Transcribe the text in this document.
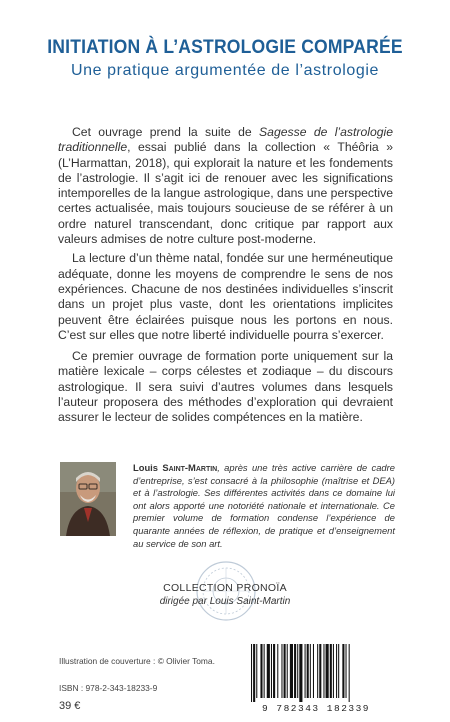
INITIATION À L’ASTROLOGIE COMPARÉE
Une pratique argumentée de l’astrologie

Cet ouvrage prend la suite de Sagesse de l’astrologie traditionnelle, essai publié dans la collection « Théôria » (L’Harmattan, 2018), qui explorait la nature et les fondements de l’astrologie. Il s’agit ici de renouer avec les significations intemporelles de la langue astrologique, dans une perspective certes actualisée, mais toujours soucieuse de se référer à un ordre naturel transcendant, donc critique par rapport aux valeurs admises de notre culture post-moderne.

La lecture d’un thème natal, fondée sur une herméneutique adéquate, donne les moyens de comprendre le sens de nos expériences. Chacune de nos destinées individuelles s’inscrit dans un projet plus vaste, dont les orientations implicites peuvent être éclairées puisque nous les portons en nous. C’est sur elles que notre liberté individuelle pourra s’exercer.

Ce premier ouvrage de formation porte uniquement sur la matière lexicale – corps célestes et zodiaque – du discours astrologique. Il sera suivi d’autres volumes dans lesquels l’auteur proposera des méthodes d’exploration qui devraient assurer le lecteur de solides compétences en la matière.

Louis Saint-Martin, après une très active carrière de cadre d’entreprise, s’est consacré à la philosophie (maîtrise et DEA) et à l’astrologie. Ses différentes activités dans ce domaine lui ont alors apporté une notoriété nationale et internationale. Ce premier volume de formation condense l’expérience de quarante années de réflexion, de pratique et d’enseignement au service de son art.
COLLECTION PRONOÏA
dirigée par Louis Saint-Martin
Illustration de couverture : © Olivier Toma.
ISBN : 978-2-343-18233-9
39 €	9 782343 182339
